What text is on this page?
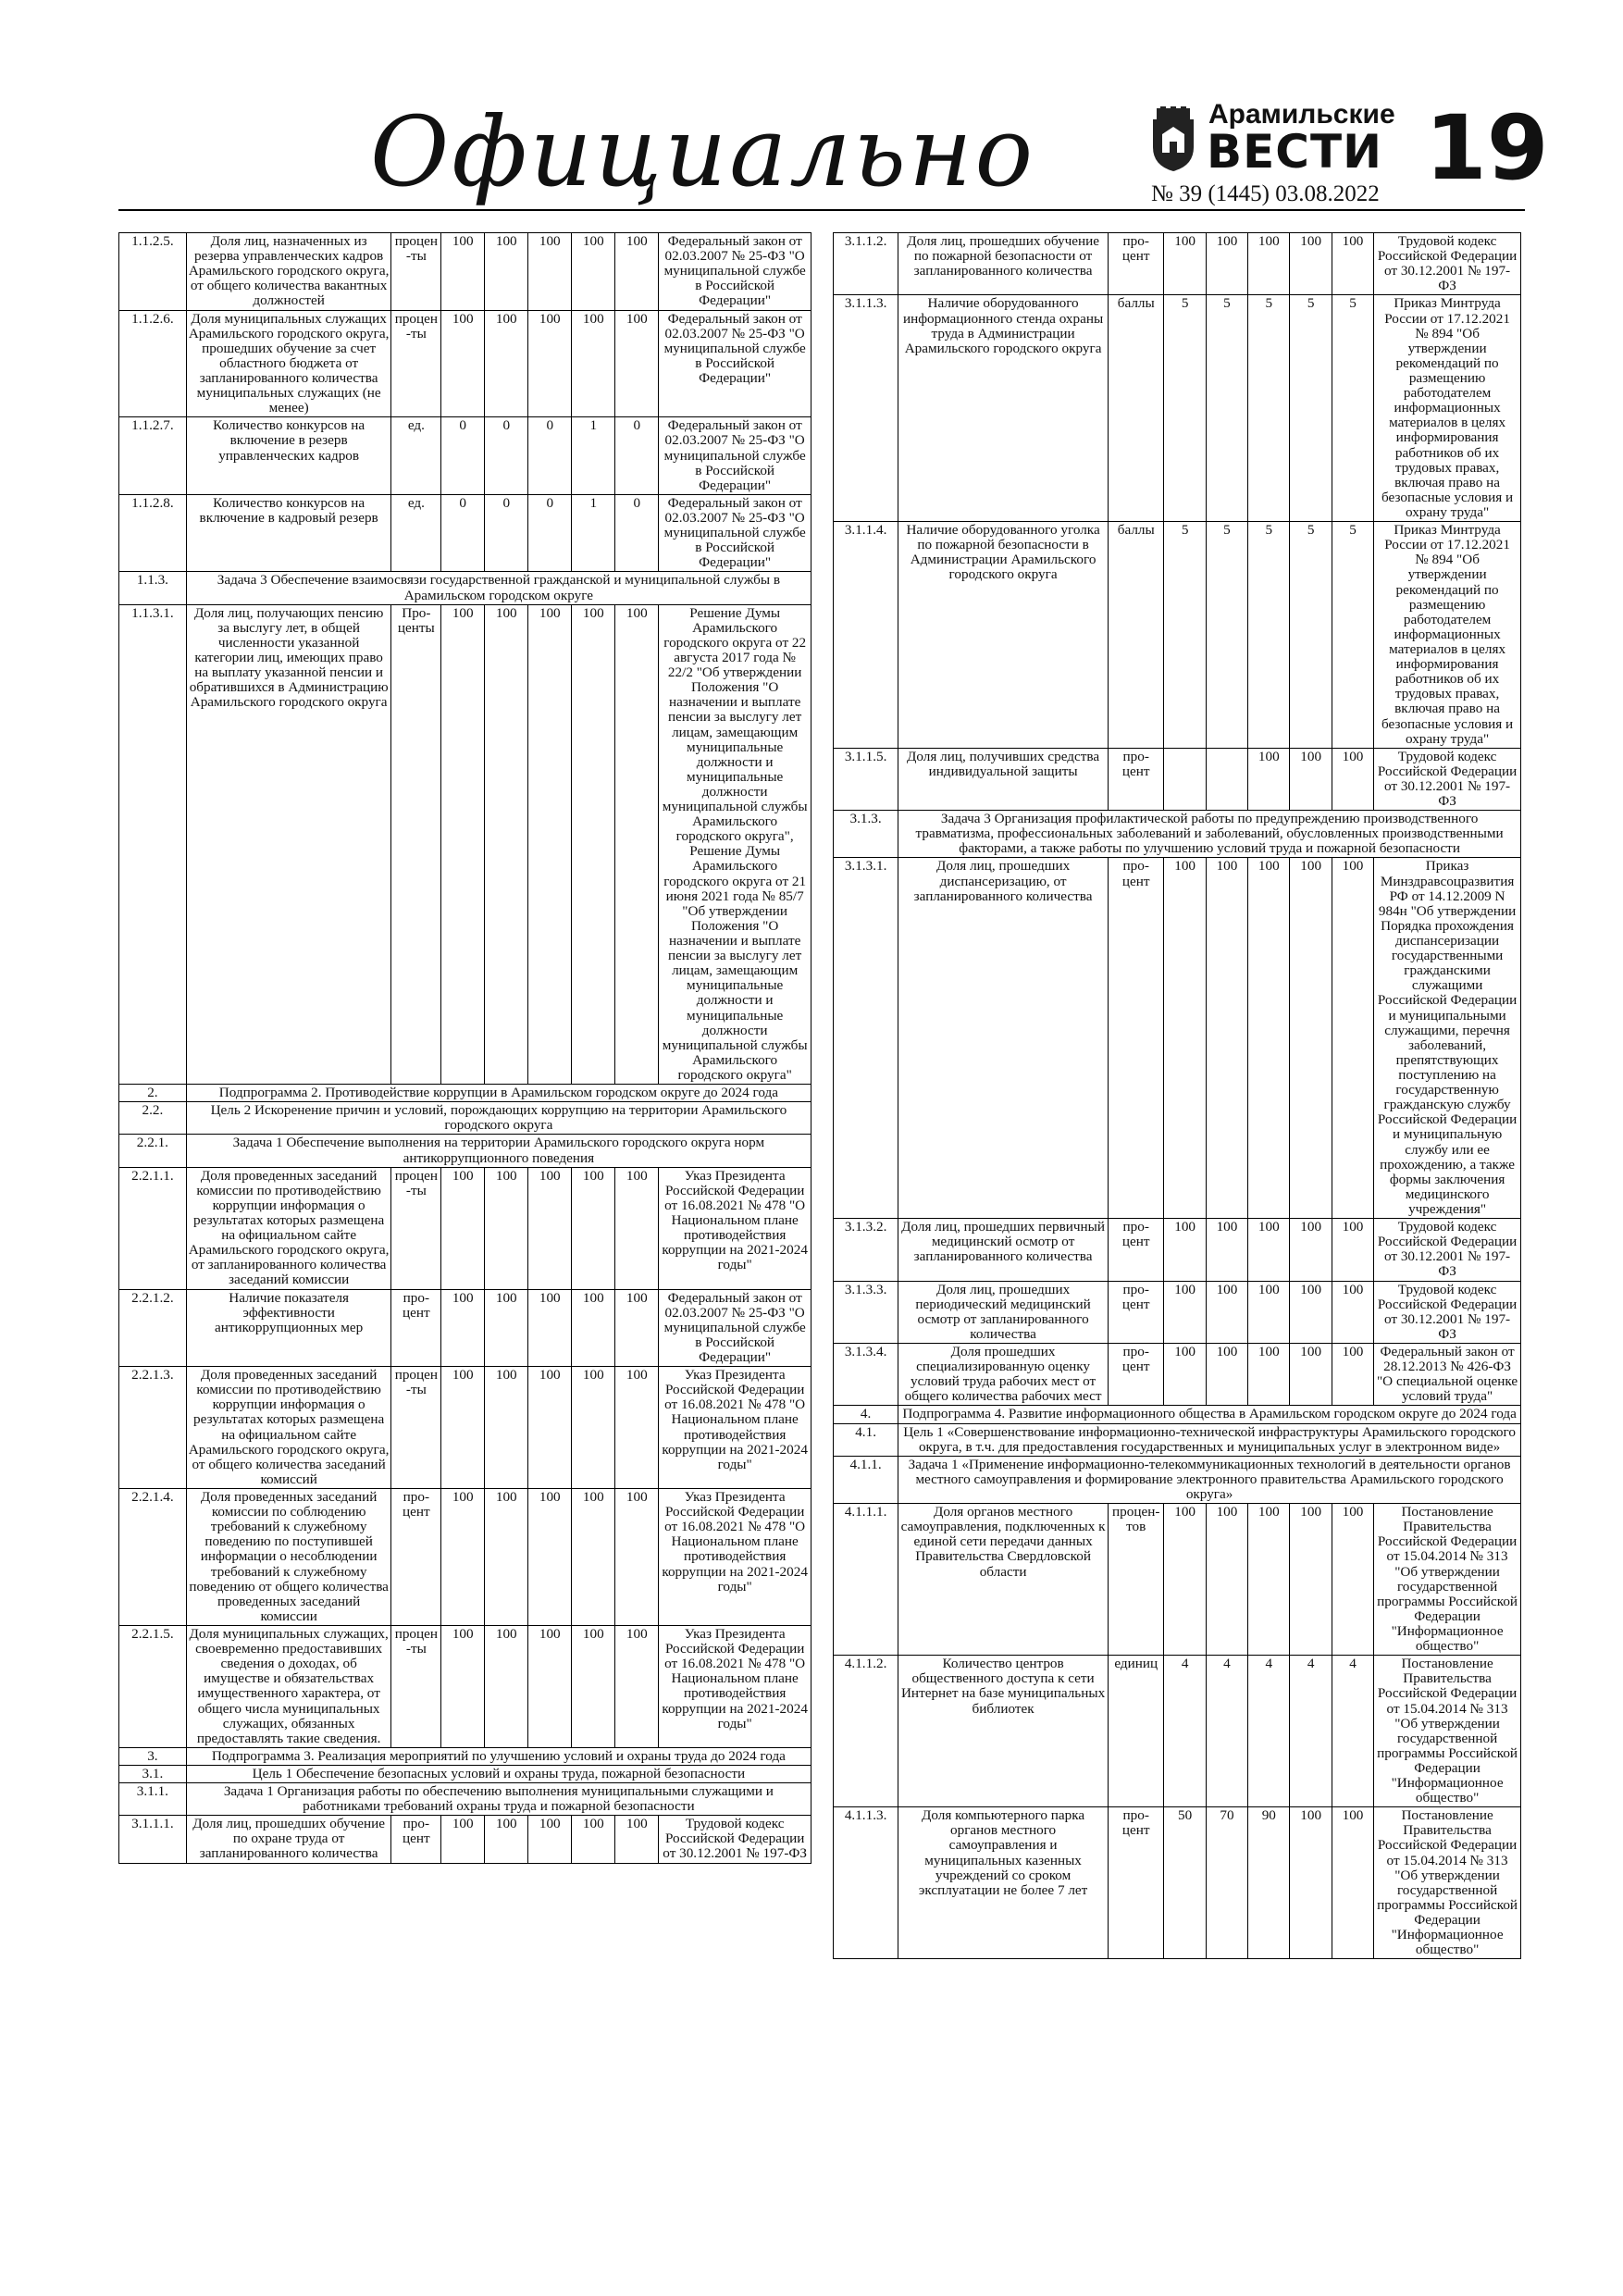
Официально	Арамильские
ВЕСТИ
№ 39 (1445) 03.08.2022 19
1.1.2.5.	Доля лиц, назначенных из резерва управленческих кадров Арамильского городского округа, от общего количества вакантных должностей	процен-ты	100	100	100	100	100	Федеральный закон от 02.03.2007 № 25-ФЗ "О муниципальной службе в Российской Федерации"
1.1.2.6.	Доля муниципальных служащих Арамильского городского округа, прошедших обучение за счет областного бюджета от запланированного количества муниципальных служащих (не менее)	процен-ты	100	100	100	100	100	Федеральный закон от 02.03.2007 № 25-ФЗ "О муниципальной службе в Российской Федерации"
1.1.2.7.	Количество конкурсов на включение в резерв управленческих кадров	ед.	0	0	0	1	0	Федеральный закон от 02.03.2007 № 25-ФЗ "О муниципальной службе в Российской Федерации"
1.1.2.8.	Количество конкурсов на включение в кадровый резерв	ед.	0	0	0	1	0	Федеральный закон от 02.03.2007 № 25-ФЗ "О муниципальной службе в Российской Федерации"
1.1.3.	Задача 3 Обеспечение взаимосвязи государственной гражданской и муниципальной службы в Арамильском городском округе							
1.1.3.1.	Доля лиц, получающих пенсию за выслугу лет, в общей численности указанной категории лиц, имеющих право на выплату указанной пенсии и обратившихся в Администрацию Арамильского городского округа	Про-центы	100	100	100	100	100	Решение Думы Арамильского городского округа от 22 августа 2017 года № 22/2 "Об утверждении Положения "О назначении и выплате пенсии за выслугу лет лицам, замещающим муниципальные должности и муниципальные должности муниципальной службы Арамильского городского округа", Решение Думы Арамильского городского округа от 21 июня 2021 года № 85/7 "Об утверждении Положения "О назначении и выплате пенсии за выслугу лет лицам, замещающим муниципальные должности и муниципальные должности муниципальной службы Арамильского городского округа"
2.	Подпрограмма 2. Противодействие коррупции в Арамильском городском округе до 2024 года							
2.2.	Цель 2 Искоренение причин и условий, порождающих коррупцию на территории Арамильского городского округа							
2.2.1.	Задача 1 Обеспечение выполнения на территории Арамильского городского округа норм антикоррупционного поведения							
2.2.1.1.	Доля проведенных заседаний комиссии по противодействию коррупции информация о результатах которых размещена на официальном сайте Арамильского городского округа, от запланированного количества заседаний комиссии	процен-ты	100	100	100	100	100	Указ Президента Российской Федерации от 16.08.2021 № 478 "О Национальном плане противодействия коррупции на 2021-2024 годы"
2.2.1.2.	Наличие показателя эффективности антикоррупционных мер	про-цент	100	100	100	100	100	Федеральный закон от 02.03.2007 № 25-ФЗ "О муниципальной службе в Российской Федерации"
2.2.1.3.	Доля проведенных заседаний комиссии по противодействию коррупции информация о результатах которых размещена на официальном сайте Арамильского городского округа, от общего количества заседаний комиссий	процен-ты	100	100	100	100	100	Указ Президента Российской Федерации от 16.08.2021 № 478 "О Национальном плане противодействия коррупции на 2021-2024 годы"
2.2.1.4.	Доля проведенных заседаний комиссии по соблюдению требований к служебному поведению по поступившей информации о несоблюдении требований к служебному поведению от общего количества проведенных заседаний комиссии	про-цент	100	100	100	100	100	Указ Президента Российской Федерации от 16.08.2021 № 478 "О Национальном плане противодействия коррупции на 2021-2024 годы"
2.2.1.5.	Доля муниципальных служащих, своевременно предоставивших сведения о доходах, об имуществе и обязательствах имущественного характера, от общего числа муниципальных служащих, обязанных предоставлять такие сведения.	процен-ты	100	100	100	100	100	Указ Президента Российской Федерации от 16.08.2021 № 478 "О Национальном плане противодействия коррупции на 2021-2024 годы"
3.	Подпрограмма 3. Реализация мероприятий по улучшению условий и охраны труда до 2024 года							
3.1.	Цель 1 Обеспечение безопасных условий и охраны труда, пожарной безопасности							
3.1.1.	Задача 1 Организация работы по обеспечению выполнения муниципальными служащими и работниками требований охраны труда и пожарной безопасности							
3.1.1.1.	Доля лиц, прошедших обучение по охране труда от запланированного количества	про-цент	100	100	100	100	100	Трудовой кодекс Российской Федерации от 30.12.2001 № 197-ФЗ
3.1.1.2.	Доля лиц, прошедших обучение по пожарной безопасности от запланированного количества	про-цент	100	100	100	100	100	Трудовой кодекс Российской Федерации от 30.12.2001 № 197-ФЗ
3.1.1.3.	Наличие оборудованного информационного стенда охраны труда в Администрации Арамильского городского округа	баллы	5	5	5	5	5	Приказ Минтруда России от 17.12.2021 № 894 "Об утверждении рекомендаций по размещению работодателем информационных материалов в целях информирования работников об их трудовых правах, включая право на безопасные условия и охрану труда"
3.1.1.4.	Наличие оборудованного уголка по пожарной безопасности в Администрации Арамильского городского округа	баллы	5	5	5	5	5	Приказ Минтруда России от 17.12.2021 № 894 "Об утверждении рекомендаций по размещению работодателем информационных материалов в целях информирования работников об их трудовых правах, включая право на безопасные условия и охрану труда"
3.1.1.5.	Доля лиц, получивших средства индивидуальной защиты	про-цент			100	100	100	Трудовой кодекс Российской Федерации от 30.12.2001 № 197-ФЗ
3.1.3.	Задача 3 Организация профилактической работы по предупреждению производственного травматизма, профессиональных заболеваний и заболеваний, обусловленных производственными факторами, а также работы по улучшению условий труда и пожарной безопасности							
3.1.3.1.	Доля лиц, прошедших диспансеризацию, от запланированного количества	про-цент	100	100	100	100	100	Приказ Минздравсоцразвития РФ от 14.12.2009 N 984н "Об утверждении Порядка прохождения диспансеризации государственными гражданскими служащими Российской Федерации и муниципальными служащими, перечня заболеваний, препятствующих поступлению на государственную гражданскую службу Российской Федерации и муниципальную службу или ее прохождению, а также формы заключения медицинского учреждения"
3.1.3.2.	Доля лиц, прошедших первичный медицинский осмотр от запланированного количества	про-цент	100	100	100	100	100	Трудовой кодекс Российской Федерации от 30.12.2001 № 197-ФЗ
3.1.3.3.	Доля лиц, прошедших периодический медицинский осмотр от запланированного количества	про-цент	100	100	100	100	100	Трудовой кодекс Российской Федерации от 30.12.2001 № 197-ФЗ
3.1.3.4.	Доля прошедших специализированную оценку условий труда рабочих мест от общего количества рабочих мест	про-цент	100	100	100	100	100	Федеральный закон от 28.12.2013 № 426-ФЗ "О специальной оценке условий труда"
4.	Подпрограмма 4. Развитие информационного общества в Арамильском городском округе до 2024 года							
4.1.	Цель 1 «Совершенствование информационно-технической инфраструктуры Арамильского городского округа, в т.ч. для предоставления государственных и муниципальных услуг в электронном виде»							
4.1.1.	Задача 1 «Применение информационно-телекоммуникационных технологий в деятельности органов местного самоуправления и формирование электронного правительства Арамильского городского округа»							
4.1.1.1.	Доля органов местного самоуправления, подключенных к единой сети передачи данных Правительства Свердловской области	процен-тов	100	100	100	100	100	Постановление Правительства Российской Федерации от 15.04.2014 № 313 "Об утверждении государственной программы Российской Федерации "Информационное общество"
4.1.1.2.	Количество центров общественного доступа к сети Интернет на базе муниципальных библиотек	единиц	4	4	4	4	4	Постановление Правительства Российской Федерации от 15.04.2014 № 313 "Об утверждении государственной программы Российской Федерации "Информационное общество"
4.1.1.3.	Доля компьютерного парка органов местного самоуправления и муниципальных казенных учреждений со сроком эксплуатации не более 7 лет	про-цент	50	70	90	100	100	Постановление Правительства Российской Федерации от 15.04.2014 № 313 "Об утверждении государственной программы Российской Федерации "Информационное общество"
